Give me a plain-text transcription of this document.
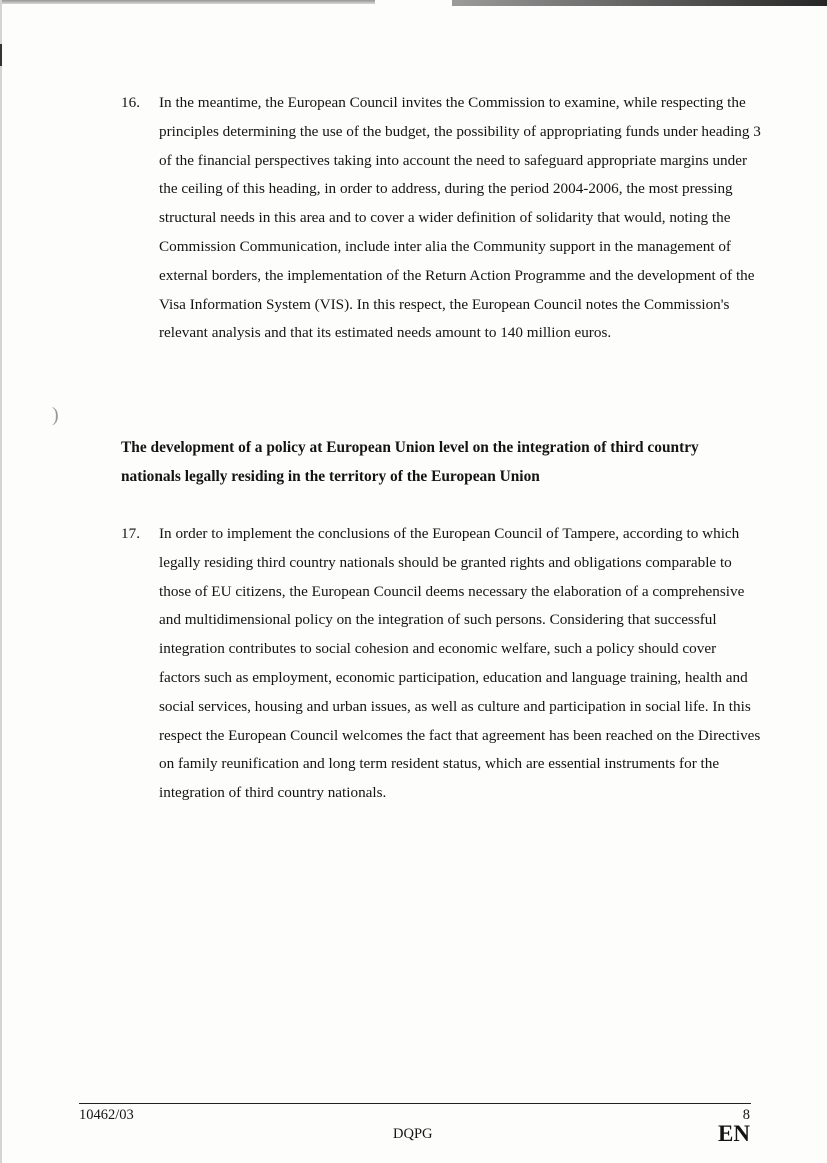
)
16. In the meantime, the European Council invites the Commission to examine, while respecting the principles determining the use of the budget, the possibility of appropriating funds under heading 3 of the financial perspectives taking into account the need to safeguard appropriate margins under the ceiling of this heading, in order to address, during the period 2004-2006, the most pressing structural needs in this area and to cover a wider definition of solidarity that would, noting the Commission Communication, include inter alia the Community support in the management of external borders, the implementation of the Return Action Programme and the development of the Visa Information System (VIS). In this respect, the European Council notes the Commission's relevant analysis and that its estimated needs amount to 140 million euros.
The development of a policy at European Union level on the integration of third country nationals legally residing in the territory of the European Union
17. In order to implement the conclusions of the European Council of Tampere, according to which legally residing third country nationals should be granted rights and obligations comparable to those of EU citizens, the European Council deems necessary the elaboration of a comprehensive and multidimensional policy on the integration of such persons. Considering that successful integration contributes to social cohesion and economic welfare, such a policy should cover factors such as employment, economic participation, education and language training, health and social services, housing and urban issues, as well as culture and participation in social life. In this respect the European Council welcomes the fact that agreement has been reached on the Directives on family reunification and long term resident status, which are essential instruments for the integration of third country nationals.
10462/03
DQPG
8
EN
